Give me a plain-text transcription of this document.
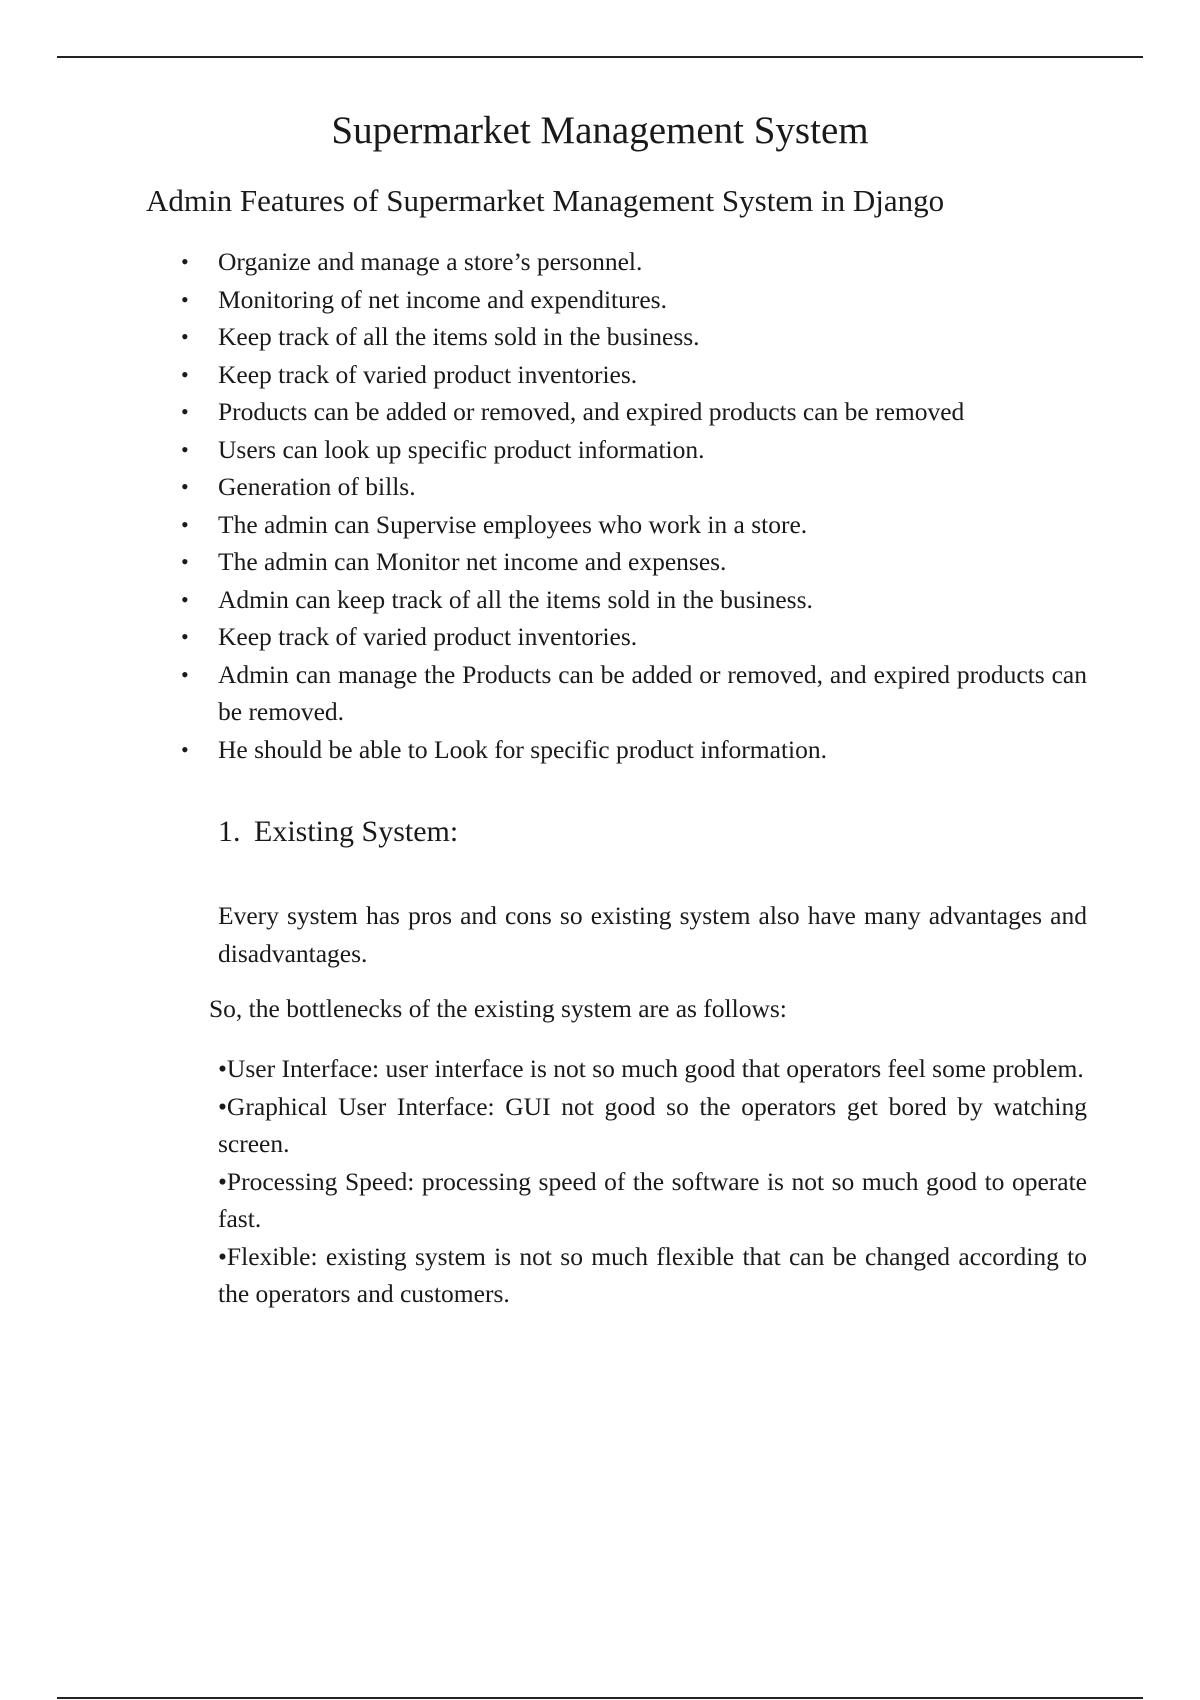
Supermarket Management System
Admin Features of Supermarket Management System in Django
• Organize and manage a store’s personnel.
• Monitoring of net income and expenditures.
• Keep track of all the items sold in the business.
• Keep track of varied product inventories.
• Products can be added or removed, and expired products can be removed
• Users can look up specific product information.
• Generation of bills.
• The admin can Supervise employees who work in a store.
• The admin can Monitor net income and expenses.
• Admin can keep track of all the items sold in the business.
• Keep track of varied product inventories.
• Admin can manage the Products can be added or removed, and expired products can be removed.
• He should be able to Look for specific product information.
1. Existing System:

Every system has pros and cons so existing system also have many advantages and disadvantages.

So, the bottlenecks of the existing system are as follows:

•User Interface: user interface is not so much good that operators feel some problem.
•Graphical User Interface: GUI not good so the operators get bored by watching screen.
•Processing Speed: processing speed of the software is not so much good to operate fast.
•Flexible: existing system is not so much flexible that can be changed according to the operators and customers.
